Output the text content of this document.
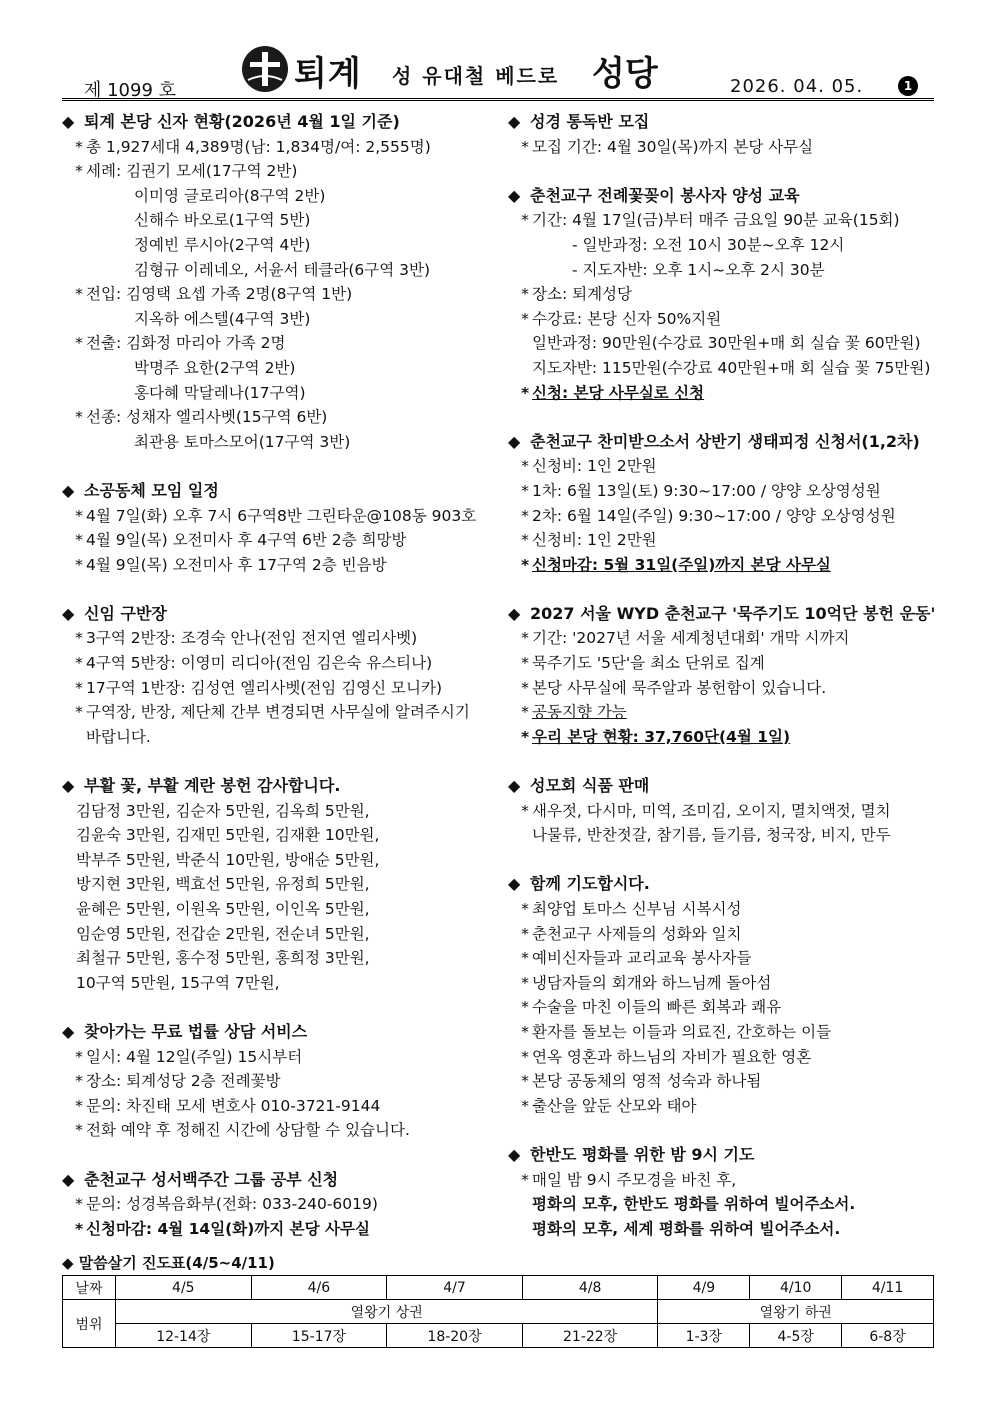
제 1099 호	퇴계 성 유대철 베드로 성당	2026. 04. 05.	1
◆ 퇴계 본당 신자 현황(2026년 4월 1일 기준)
* 총 1,927세대 4,389명(남: 1,834명/여: 2,555명)
* 세례: 김권기 모세(17구역 2반)
이미영 글로리아(8구역 2반)
신해수 바오로(1구역 5반)
정예빈 루시아(2구역 4반)
김형규 이레네오, 서윤서 테클라(6구역 3반)
* 전입: 김영택 요셉 가족 2명(8구역 1반)
지옥하 에스텔(4구역 3반)
* 전출: 김화정 마리아 가족 2명
박명주 요한(2구역 2반)
홍다혜 막달레나(17구역)
* 선종: 성채자 엘리사벳(15구역 6반)
최관용 토마스모어(17구역 3반)
◆ 소공동체 모임 일정
* 4월 7일(화) 오후 7시 6구역8반 그린타운@108동 903호
* 4월 9일(목) 오전미사 후 4구역 6반 2층 희망방
* 4월 9일(목) 오전미사 후 17구역 2층 빈음방
◆ 신임 구반장
* 3구역 2반장: 조경숙 안나(전임 전지연 엘리사벳)
* 4구역 5반장: 이영미 리디아(전임 김은숙 유스티나)
* 17구역 1반장: 김성연 엘리사벳(전임 김영신 모니카)
* 구역장, 반장, 제단체 간부 변경되면 사무실에 알려주시기
바랍니다.
◆ 부활 꽃, 부활 계란 봉헌 감사합니다.
김담정 3만원, 김순자 5만원, 김옥희 5만원,
김윤숙 3만원, 김재민 5만원, 김재환 10만원,
박부주 5만원, 박준식 10만원, 방애순 5만원,
방지현 3만원, 백효선 5만원, 유정희 5만원,
윤혜은 5만원, 이원옥 5만원, 이인옥 5만원,
임순영 5만원, 전갑순 2만원, 전순녀 5만원,
최철규 5만원, 홍수정 5만원, 홍희정 3만원,
10구역 5만원, 15구역 7만원,
◆ 찾아가는 무료 법률 상담 서비스
* 일시: 4월 12일(주일) 15시부터
* 장소: 퇴계성당 2층 전례꽃방
* 문의: 차진태 모세 변호사 010-3721-9144
* 전화 예약 후 정해진 시간에 상담할 수 있습니다.
◆ 춘천교구 성서백주간 그룹 공부 신청
* 문의: 성경복음화부(전화: 033-240-6019)
* 신청마감: 4월 14일(화)까지 본당 사무실
◆ 성경 통독반 모집
* 모집 기간: 4월 30일(목)까지 본당 사무실
◆ 춘천교구 전례꽃꽂이 봉사자 양성 교육
* 기간: 4월 17일(금)부터 매주 금요일 90분 교육(15회)
- 일반과정: 오전 10시 30분~오후 12시
- 지도자반: 오후 1시~오후 2시 30분
* 장소: 퇴계성당
* 수강료: 본당 신자 50%지원
일반과정: 90만원(수강료 30만원+매 회 실습 꽃 60만원)
지도자반: 115만원(수강료 40만원+매 회 실습 꽃 75만원)
* 신청: 본당 사무실로 신청
◆ 춘천교구 찬미받으소서 상반기 생태피정 신청서(1,2차)
* 신청비: 1인 2만원
* 1차: 6월 13일(토) 9:30~17:00 / 양양 오상영성원
* 2차: 6월 14일(주일) 9:30~17:00 / 양양 오상영성원
* 신청비: 1인 2만원
* 신청마감: 5월 31일(주일)까지 본당 사무실
◆ 2027 서울 WYD 춘천교구 '묵주기도 10억단 봉헌 운동'
* 기간: '2027년 서울 세계청년대회' 개막 시까지
* 묵주기도 '5단'을 최소 단위로 집계
* 본당 사무실에 묵주알과 봉헌함이 있습니다.
* 공동지향 가능
* 우리 본당 현황: 37,760단(4월 1일)
◆ 성모회 식품 판매
* 새우젓, 다시마, 미역, 조미김, 오이지, 멸치액젓, 멸치
나물류, 반찬젓갈, 참기름, 들기름, 청국장, 비지, 만두
◆ 함께 기도합시다.
* 최양업 토마스 신부님 시복시성
* 춘천교구 사제들의 성화와 일치
* 예비신자들과 교리교육 봉사자들
* 냉담자들의 회개와 하느님께 돌아섬
* 수술을 마친 이들의 빠른 회복과 쾌유
* 환자를 돌보는 이들과 의료진, 간호하는 이들
* 연옥 영혼과 하느님의 자비가 필요한 영혼
* 본당 공동체의 영적 성숙과 하나됨
* 출산을 앞둔 산모와 태아
◆ 한반도 평화를 위한 밤 9시 기도
* 매일 밤 9시 주모경을 바친 후,
평화의 모후, 한반도 평화를 위하여 빌어주소서.
평화의 모후, 세계 평화를 위하여 빌어주소서.
◆ 말씀살기 진도표(4/5~4/11)
날짜	4/5	4/6	4/7	4/8	4/9	4/10	4/11
범위	열왕기 상권				열왕기 하권		
	12-14장	15-17장	18-20장	21-22장	1-3장	4-5장	6-8장
